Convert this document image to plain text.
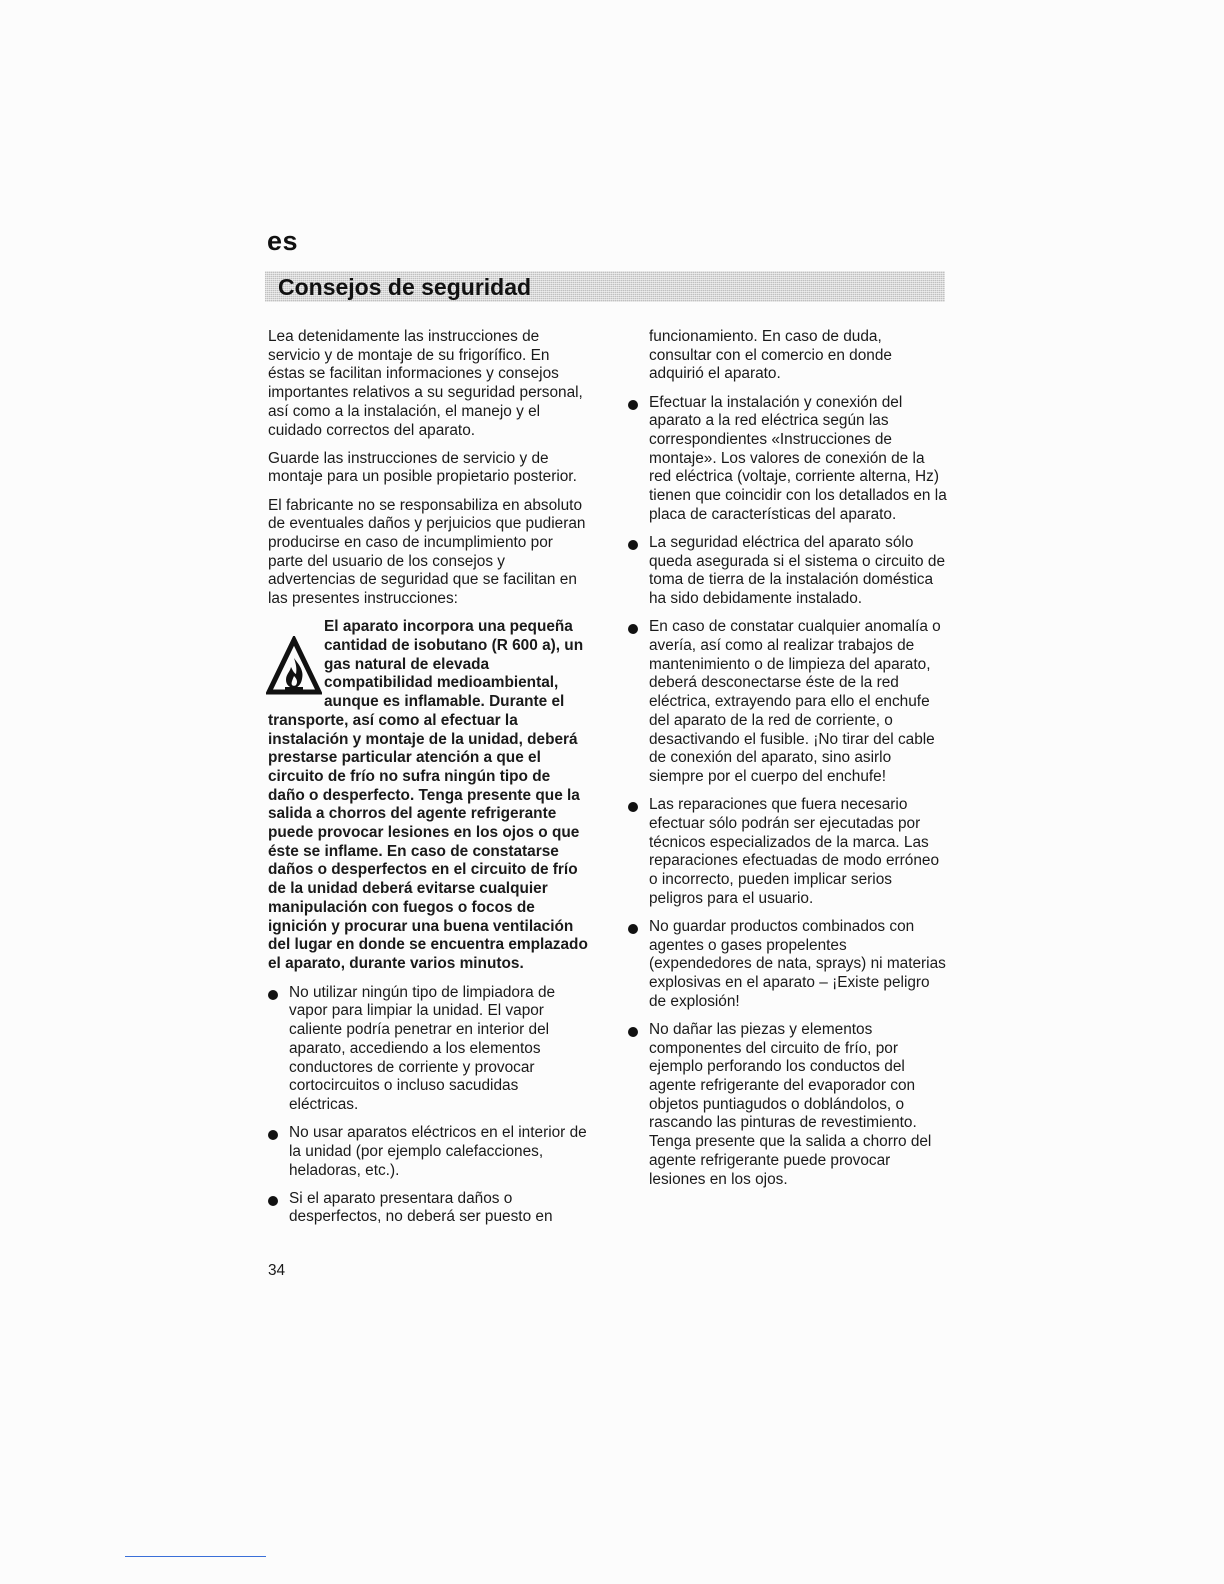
es
Consejos de seguridad

Lea detenidamente las instrucciones de servicio y de montaje de su frigorífico. En éstas se facilitan informaciones y consejos importantes relativos a su seguridad personal, así como a la instalación, el manejo y el cuidado correctos del aparato.

Guarde las instrucciones de servicio y de montaje para un posible propietario posterior.

El fabricante no se responsabiliza en absoluto de eventuales daños y perjuicios que pudieran producirse en caso de incumplimiento por parte del usuario de los consejos y advertencias de seguridad que se facilitan en las presentes instrucciones:

El aparato incorpora una pequeña cantidad de isobutano (R 600 a), un gas natural de elevada compatibilidad medioambiental, aunque es inflamable. Durante el transporte, así como al efectuar la instalación y montaje de la unidad, deberá prestarse particular atención a que el circuito de frío no sufra ningún tipo de daño o desperfecto. Tenga presente que la salida a chorros del agente refrigerante puede provocar lesiones en los ojos o que éste se inflame. En caso de constatarse daños o desperfectos en el circuito de frío de la unidad deberá evitarse cualquier manipulación con fuegos o focos de ignición y procurar una buena ventilación del lugar en donde se encuentra emplazado el aparato, durante varios minutos.
No utilizar ningún tipo de limpiadora de vapor para limpiar la unidad. El vapor caliente podría penetrar en interior del aparato, accediendo a los elementos conductores de corriente y provocar cortocircuitos o incluso sacudidas eléctricas.
No usar aparatos eléctricos en el interior de la unidad (por ejemplo calefacciones, heladoras, etc.).
Si el aparato presentara daños o desperfectos, no deberá ser puesto en

funcionamiento. En caso de duda, consultar con el comercio en donde adquirió el aparato.

Efectuar la instalación y conexión del aparato a la red eléctrica según las correspondientes «Instrucciones de montaje». Los valores de conexión de la red eléctrica (voltaje, corriente alterna, Hz) tienen que coincidir con los detallados en la placa de características del aparato.
La seguridad eléctrica del aparato sólo queda asegurada si el sistema o circuito de toma de tierra de la instalación doméstica ha sido debidamente instalado.
En caso de constatar cualquier anomalía o avería, así como al realizar trabajos de mantenimiento o de limpieza del aparato, deberá desconectarse éste de la red eléctrica, extrayendo para ello el enchufe del aparato de la red de corriente, o desactivando el fusible. ¡No tirar del cable de conexión del aparato, sino asirlo siempre por el cuerpo del enchufe!
Las reparaciones que fuera necesario efectuar sólo podrán ser ejecutadas por técnicos especializados de la marca. Las reparaciones efectuadas de modo erróneo o incorrecto, pueden implicar serios peligros para el usuario.
No guardar productos combinados con agentes o gases propelentes (expendedores de nata, sprays) ni materias explosivas en el aparato – ¡Existe peligro de explosión!
No dañar las piezas y elementos componentes del circuito de frío, por ejemplo perforando los conductos del agente refrigerante del evaporador con objetos puntiagudos o doblándolos, o rascando las pinturas de revestimiento. Tenga presente que la salida a chorro del agente refrigerante puede provocar lesiones en los ojos.
34
